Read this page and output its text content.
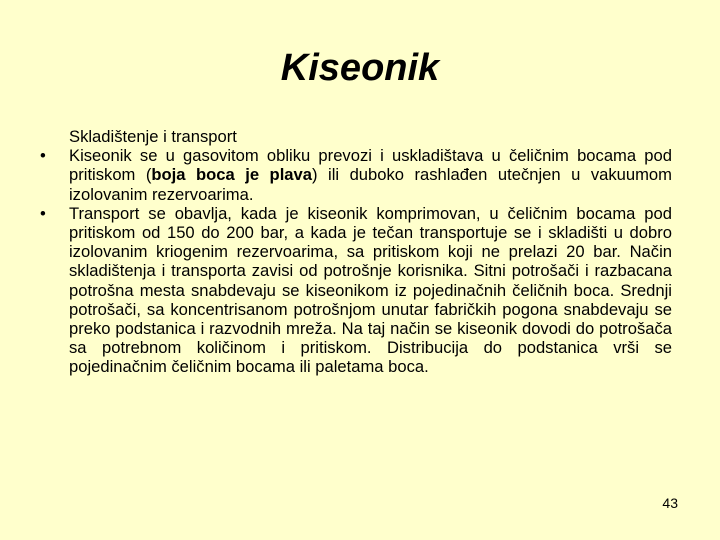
Kiseonik
Skladištenje i transport
• Kiseonik se u gasovitom obliku prevozi i uskladištava u čeličnim bocama pod pritiskom (boja boca je plava) ili duboko rashlađen utečnjen u vakuumom izolovanim rezervoarima.
• Transport se obavlja, kada je kiseonik komprimovan, u čeličnim bocama pod pritiskom od 150 do 200 bar, a kada je tečan transportuje se i skladišti u dobro izolovanim kriogenim rezervoarima, sa pritiskom koji ne prelazi 20 bar. Način skladištenja i transporta zavisi od potrošnje korisnika. Sitni potrošači i razbacana potrošna mesta snabdevaju se kiseonikom iz pojedinačnih čeličnih boca. Srednji potrošači, sa koncentrisanom potrošnjom unutar fabričkih pogona snabdevaju se preko podstanica i razvodnih mreža. Na taj način se kiseonik dovodi do potrošača sa potrebnom količinom i pritiskom. Distribucija do podstanica vrši se pojedinačnim čeličnim bocama ili paletama boca.
43
